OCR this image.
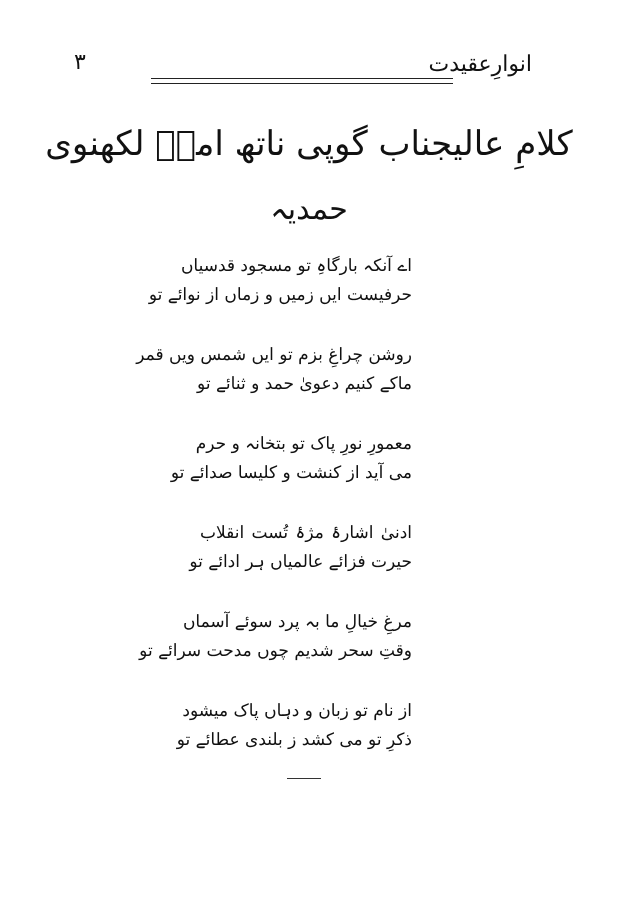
۳	انوارِعقیدت
کلامِ عالیجناب گوپی ناتھ امنؔ لکھنوی
حمدیہ
اے آنکہ بارگاہِ تو مسجود قدسیاں
حرفیست ایں زمیں و زماں از نوائے تو
روشن چراغِ بزم تو ایں شمس ویں قمر
ماکے کنیم دعویٰ حمد و ثنائے تو
معمورِ نورِ پاک تو بتخانہ و حرم
می آید از کنشت و کلیسا صدائے تو
ادنیٰ اشارۂ مژۂ تُست انقلاب
حیرت فزائے عالمیاں ہر ادائے تو
مرغِ خیالِ ما بہ پرد سوئے آسماں
وقتِ سحر شدیم چوں مدحت سرائے تو
از نام تو زبان و دہاں پاک میشود
ذکرِ تو می کشد ز بلندی عطائے تو
